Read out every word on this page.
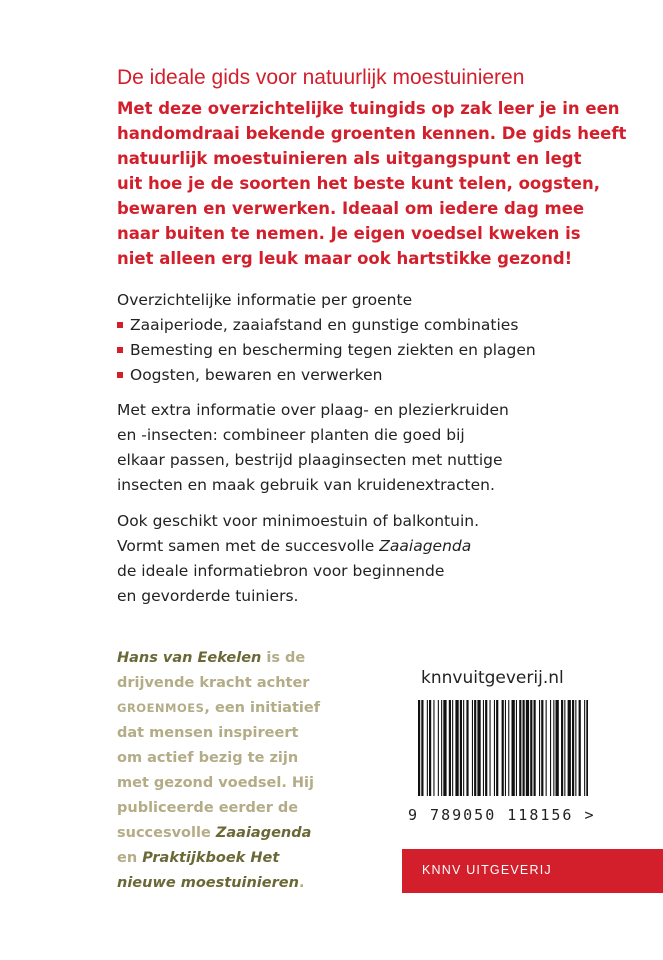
De ideale gids voor natuurlijk moestuinieren

Met deze overzichtelijke tuingids op zak leer je in een
handomdraai bekende groenten kennen. De gids heeft
natuurlijk moestuinieren als uitgangspunt en legt
uit hoe je de soorten het beste kunt telen, oogsten,
bewaren en verwerken. Ideaal om iedere dag mee
naar buiten te nemen. Je eigen voedsel kweken is
niet alleen erg leuk maar ook hartstikke gezond!

Overzichtelijke informatie per groente

Zaaiperiode, zaaiafstand en gunstige combinaties
Bemesting en bescherming tegen ziekten en plagen
Oogsten, bewaren en verwerken

Met extra informatie over plaag- en plezierkruiden
en -insecten: combineer planten die goed bij
elkaar passen, bestrijd plaaginsecten met nuttige
insecten en maak gebruik van kruidenextracten.

Ook geschikt voor minimoestuin of balkontuin.
Vormt samen met de succesvolle Zaaiagenda
de ideale informatiebron voor beginnende
en gevorderde tuiniers.

Hans van Eekelen is de
drijvende kracht achter
GROENMOES, een initiatief
dat mensen inspireert
om actief bezig te zijn
met gezond voedsel. Hij
publiceerde eerder de
succesvolle Zaaiagenda
en Praktijkboek Het
nieuwe moestuinieren.

knnvuitgeverij.nl
9 789050 118156 >
KNNV UITGEVERIJ
